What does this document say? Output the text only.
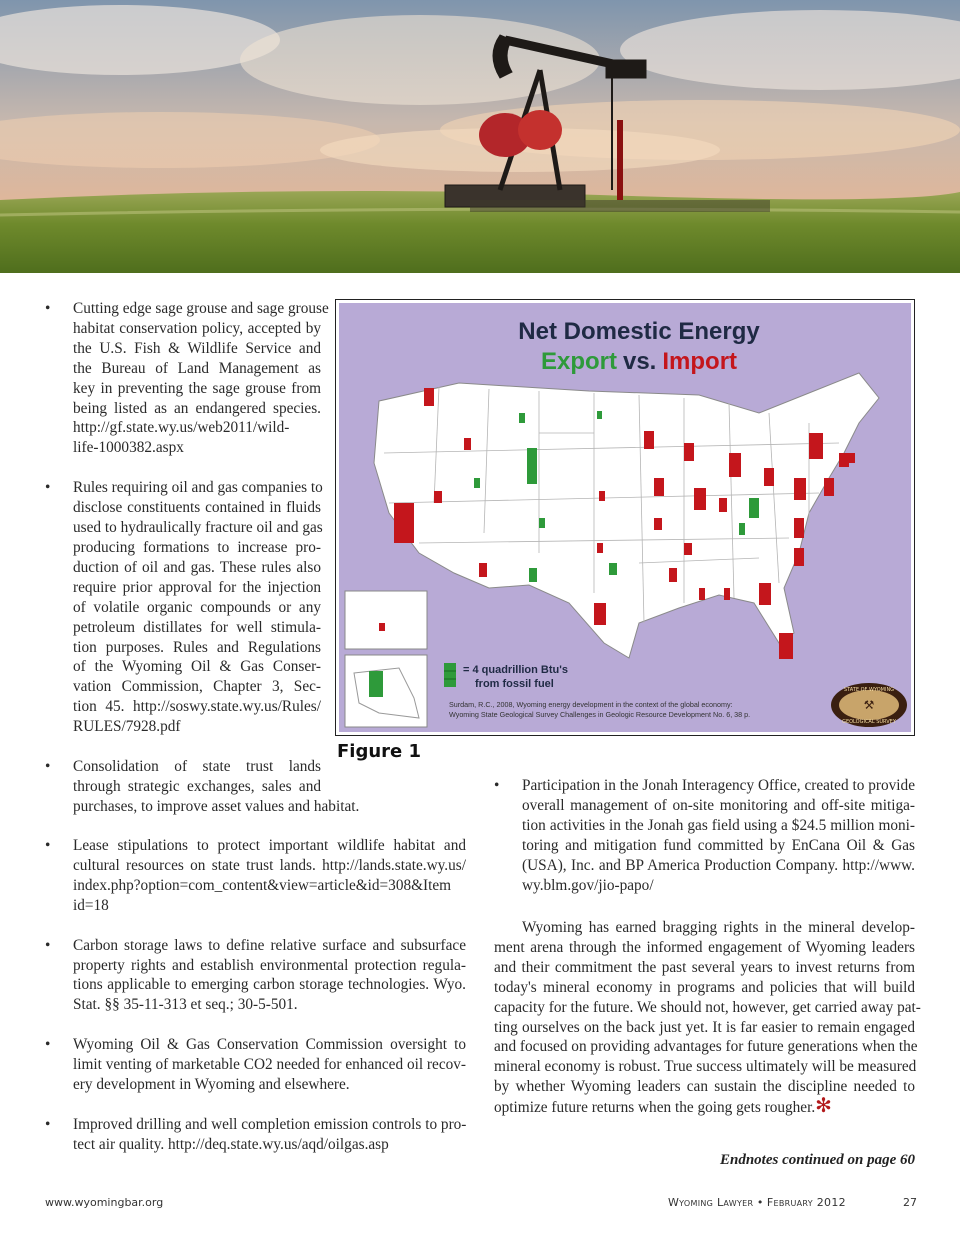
• Cutting edge sage grouse and sage grouse
habitat conservation policy, accepted by
the U.S. Fish & Wildlife Service and
the Bureau of Land Management as
key in preventing the sage grouse from
being listed as an endangered species.
http://gf.state.wy.us/web2011/wild-
life-1000382.aspx
• Rules requiring oil and gas companies to
disclose constituents contained in fluids
used to hydraulically fracture oil and gas
producing formations to increase pro-
duction of oil and gas. These rules also
require prior approval for the injection
of volatile organic compounds or any
petroleum distillates for well stimula-
tion purposes. Rules and Regulations
of the Wyoming Oil & Gas Conser-
vation Commission, Chapter 3, Sec-
tion 45. http://soswy.state.wy.us/Rules/
RULES/7928.pdf
• Consolidation of state trust lands
through strategic exchanges, sales and
purchases, to improve asset values and habitat.
• Lease stipulations to protect important wildlife habitat and
cultural resources on state trust lands. http://lands.state.wy.us/
index.php?option=com_content&view=article&id=308&Item
id=18
• Carbon storage laws to define relative surface and subsurface
property rights and establish environmental protection regula-
tions applicable to emerging carbon storage technologies. Wyo.
Stat. §§ 35-11-313 et seq.; 30-5-501.
• Wyoming Oil & Gas Conservation Commission oversight to
limit venting of marketable CO2 needed for enhanced oil recov-
ery development in Wyoming and elsewhere.
• Improved drilling and well completion emission controls to pro-
tect air quality. http://deq.state.wy.us/aqd/oilgas.asp
Net Domestic Energy
Export vs. Import
= 4 quadrillion Btu's
from fossil fuel
Surdam, R.C., 2008, Wyoming energy development in the context of the global economy:
Wyoming State Geological Survey Challenges in Geologic Resource Development No. 6, 38 p.
STATE OF WYOMING
GEOLOGICAL SURVEY
⚒
Figure 1
• Participation in the Jonah Interagency Office, created to provide
overall management of on-site monitoring and off-site mitiga-
tion activities in the Jonah gas field using a $24.5 million moni-
toring and mitigation fund committed by EnCana Oil & Gas
(USA), Inc. and BP America Production Company. http://www.
wy.blm.gov/jio-papo/
Wyoming has earned bragging rights in the mineral develop-
ment arena through the informed engagement of Wyoming leaders
and their commitment the past several years to invest returns from
today's mineral economy in programs and policies that will build
capacity for the future. We should not, however, get carried away pat-
ting ourselves on the back just yet. It is far easier to remain engaged
and focused on providing advantages for future generations when the
mineral economy is robust. True success ultimately will be measured
by whether Wyoming leaders can sustain the discipline needed to
optimize future returns when the going gets rougher.✻
Endnotes continued on page 60
www.wyomingbar.org	Wyoming Lawyer • February 2012	27
